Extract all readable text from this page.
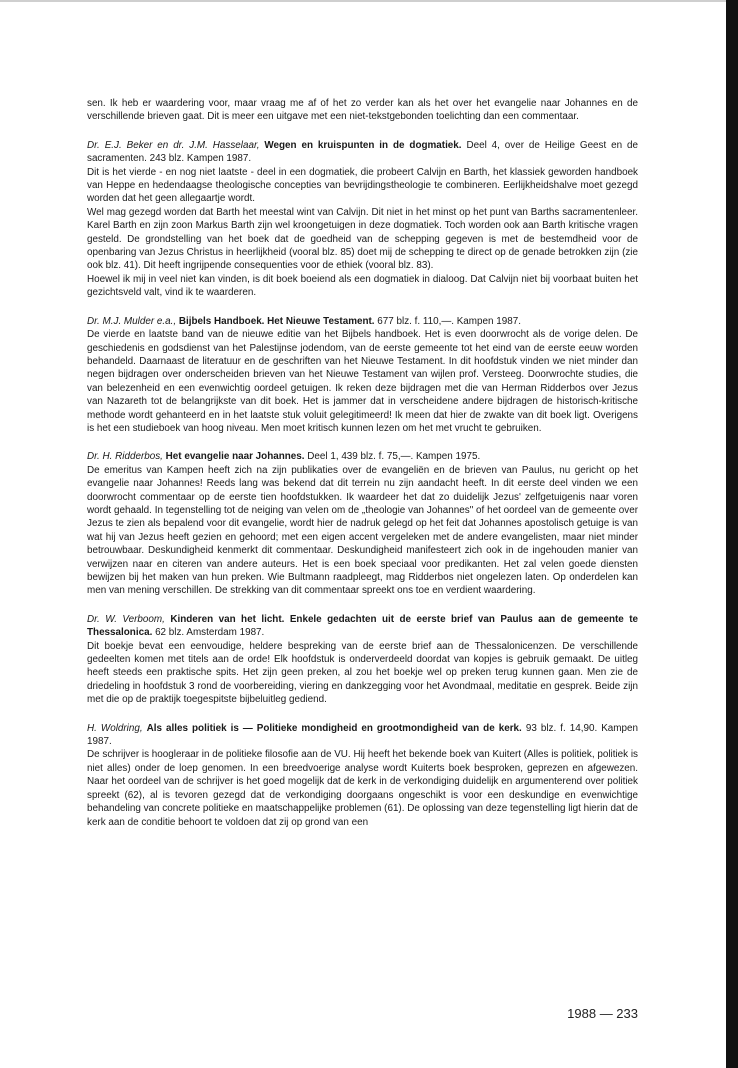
sen. Ik heb er waardering voor, maar vraag me af of het zo verder kan als het over het evangelie naar Johannes en de verschillende brieven gaat. Dit is meer een uitgave met een niet-tekstgebonden toelichting dan een commentaar.

Dr. E.J. Beker en dr. J.M. Hasselaar, Wegen en kruispunten in de dogmatiek. Deel 4, over de Heilige Geest en de sacramenten. 243 blz. Kampen 1987.

Dit is het vierde - en nog niet laatste - deel in een dogmatiek, die probeert Calvijn en Barth, het klassiek geworden handboek van Heppe en hedendaagse theologische concepties van bevrijdingstheologie te combineren. Eerlijkheidshalve moet gezegd worden dat het geen allegaartje wordt.

Wel mag gezegd worden dat Barth het meestal wint van Calvijn. Dit niet in het minst op het punt van Barths sacramentenleer. Karel Barth en zijn zoon Markus Barth zijn wel kroongetuigen in deze dogmatiek. Toch worden ook aan Barth kritische vragen gesteld. De grondstelling van het boek dat de goedheid van de schepping gegeven is met de bestemdheid voor de openbaring van Jezus Christus in heerlijkheid (vooral blz. 85) doet mij de schepping te direct op de genade betrokken zijn (zie ook blz. 41). Dit heeft ingrijpende consequenties voor de ethiek (vooral blz. 83).

Hoewel ik mij in veel niet kan vinden, is dit boek boeiend als een dogmatiek in dialoog. Dat Calvijn niet bij voorbaat buiten het gezichtsveld valt, vind ik te waarderen.

Dr. M.J. Mulder e.a., Bijbels Handboek. Het Nieuwe Testament. 677 blz. f. 110,—. Kampen 1987.

De vierde en laatste band van de nieuwe editie van het Bijbels handboek. Het is even doorwrocht als de vorige delen. De geschiedenis en godsdienst van het Palestijnse jodendom, van de eerste gemeente tot het eind van de eerste eeuw worden behandeld. Daarnaast de literatuur en de geschriften van het Nieuwe Testament. In dit hoofdstuk vinden we niet minder dan negen bijdragen over onderscheiden brieven van het Nieuwe Testament van wijlen prof. Versteeg. Doorwrochte studies, die van belezenheid en een evenwichtig oordeel getuigen. Ik reken deze bijdragen met die van Herman Ridderbos over Jezus van Nazareth tot de belangrijkste van dit boek. Het is jammer dat in verscheidene andere bijdragen de historisch-kritische methode wordt gehanteerd en in het laatste stuk voluit gelegitimeerd! Ik meen dat hier de zwakte van dit boek ligt. Overigens is het een studieboek van hoog niveau. Men moet kritisch kunnen lezen om het met vrucht te gebruiken.

Dr. H. Ridderbos, Het evangelie naar Johannes. Deel 1, 439 blz. f. 75,—. Kampen 1975.

De emeritus van Kampen heeft zich na zijn publikaties over de evangeliën en de brieven van Paulus, nu gericht op het evangelie naar Johannes! Reeds lang was bekend dat dit terrein nu zijn aandacht heeft. In dit eerste deel vinden we een doorwrocht commentaar op de eerste tien hoofdstukken. Ik waardeer het dat zo duidelijk Jezus' zelfgetuigenis naar voren wordt gehaald. In tegenstelling tot de neiging van velen om de „theologie van Johannes" of het oordeel van de gemeente over Jezus te zien als bepalend voor dit evangelie, wordt hier de nadruk gelegd op het feit dat Johannes apostolisch getuige is van wat hij van Jezus heeft gezien en gehoord; met een eigen accent vergeleken met de andere evangelisten, maar niet minder betrouwbaar. Deskundigheid kenmerkt dit commentaar. Deskundigheid manifesteert zich ook in de ingehouden manier van verwijzen naar en citeren van andere auteurs. Het is een boek speciaal voor predikanten. Het zal velen goede diensten bewijzen bij het maken van hun preken. Wie Bultmann raadpleegt, mag Ridderbos niet ongelezen laten. Op onderdelen kan men van mening verschillen. De strekking van dit commentaar spreekt ons toe en verdient waardering.

Dr. W. Verboom, Kinderen van het licht. Enkele gedachten uit de eerste brief van Paulus aan de gemeente te Thessalonica. 62 blz. Amsterdam 1987.

Dit boekje bevat een eenvoudige, heldere bespreking van de eerste brief aan de Thessalonicenzen. De verschillende gedeelten komen met titels aan de orde! Elk hoofdstuk is onderverdeeld doordat van kopjes is gebruik gemaakt. De uitleg heeft steeds een praktische spits. Het zijn geen preken, al zou het boekje wel op preken terug kunnen gaan. Men zie de driedeling in hoofdstuk 3 rond de voorbereiding, viering en dankzegging voor het Avondmaal, meditatie en gesprek. Beide zijn met die op de praktijk toegespitste bijbeluitleg gediend.

H. Woldring, Als alles politiek is — Politieke mondigheid en grootmondigheid van de kerk. 93 blz. f. 14,90. Kampen 1987.

De schrijver is hoogleraar in de politieke filosofie aan de VU. Hij heeft het bekende boek van Kuitert (Alles is politiek, politiek is niet alles) onder de loep genomen. In een breedvoerige analyse wordt Kuiterts boek besproken, geprezen en afgewezen. Naar het oordeel van de schrijver is het goed mogelijk dat de kerk in de verkondiging duidelijk en argumenterend over politiek spreekt (62), al is tevoren gezegd dat de verkondiging doorgaans ongeschikt is voor een deskundige en evenwichtige behandeling van concrete politieke en maatschappelijke problemen (61). De oplossing van deze tegenstelling ligt hierin dat de kerk aan de conditie behoort te voldoen dat zij op grond van een

1988 — 233
